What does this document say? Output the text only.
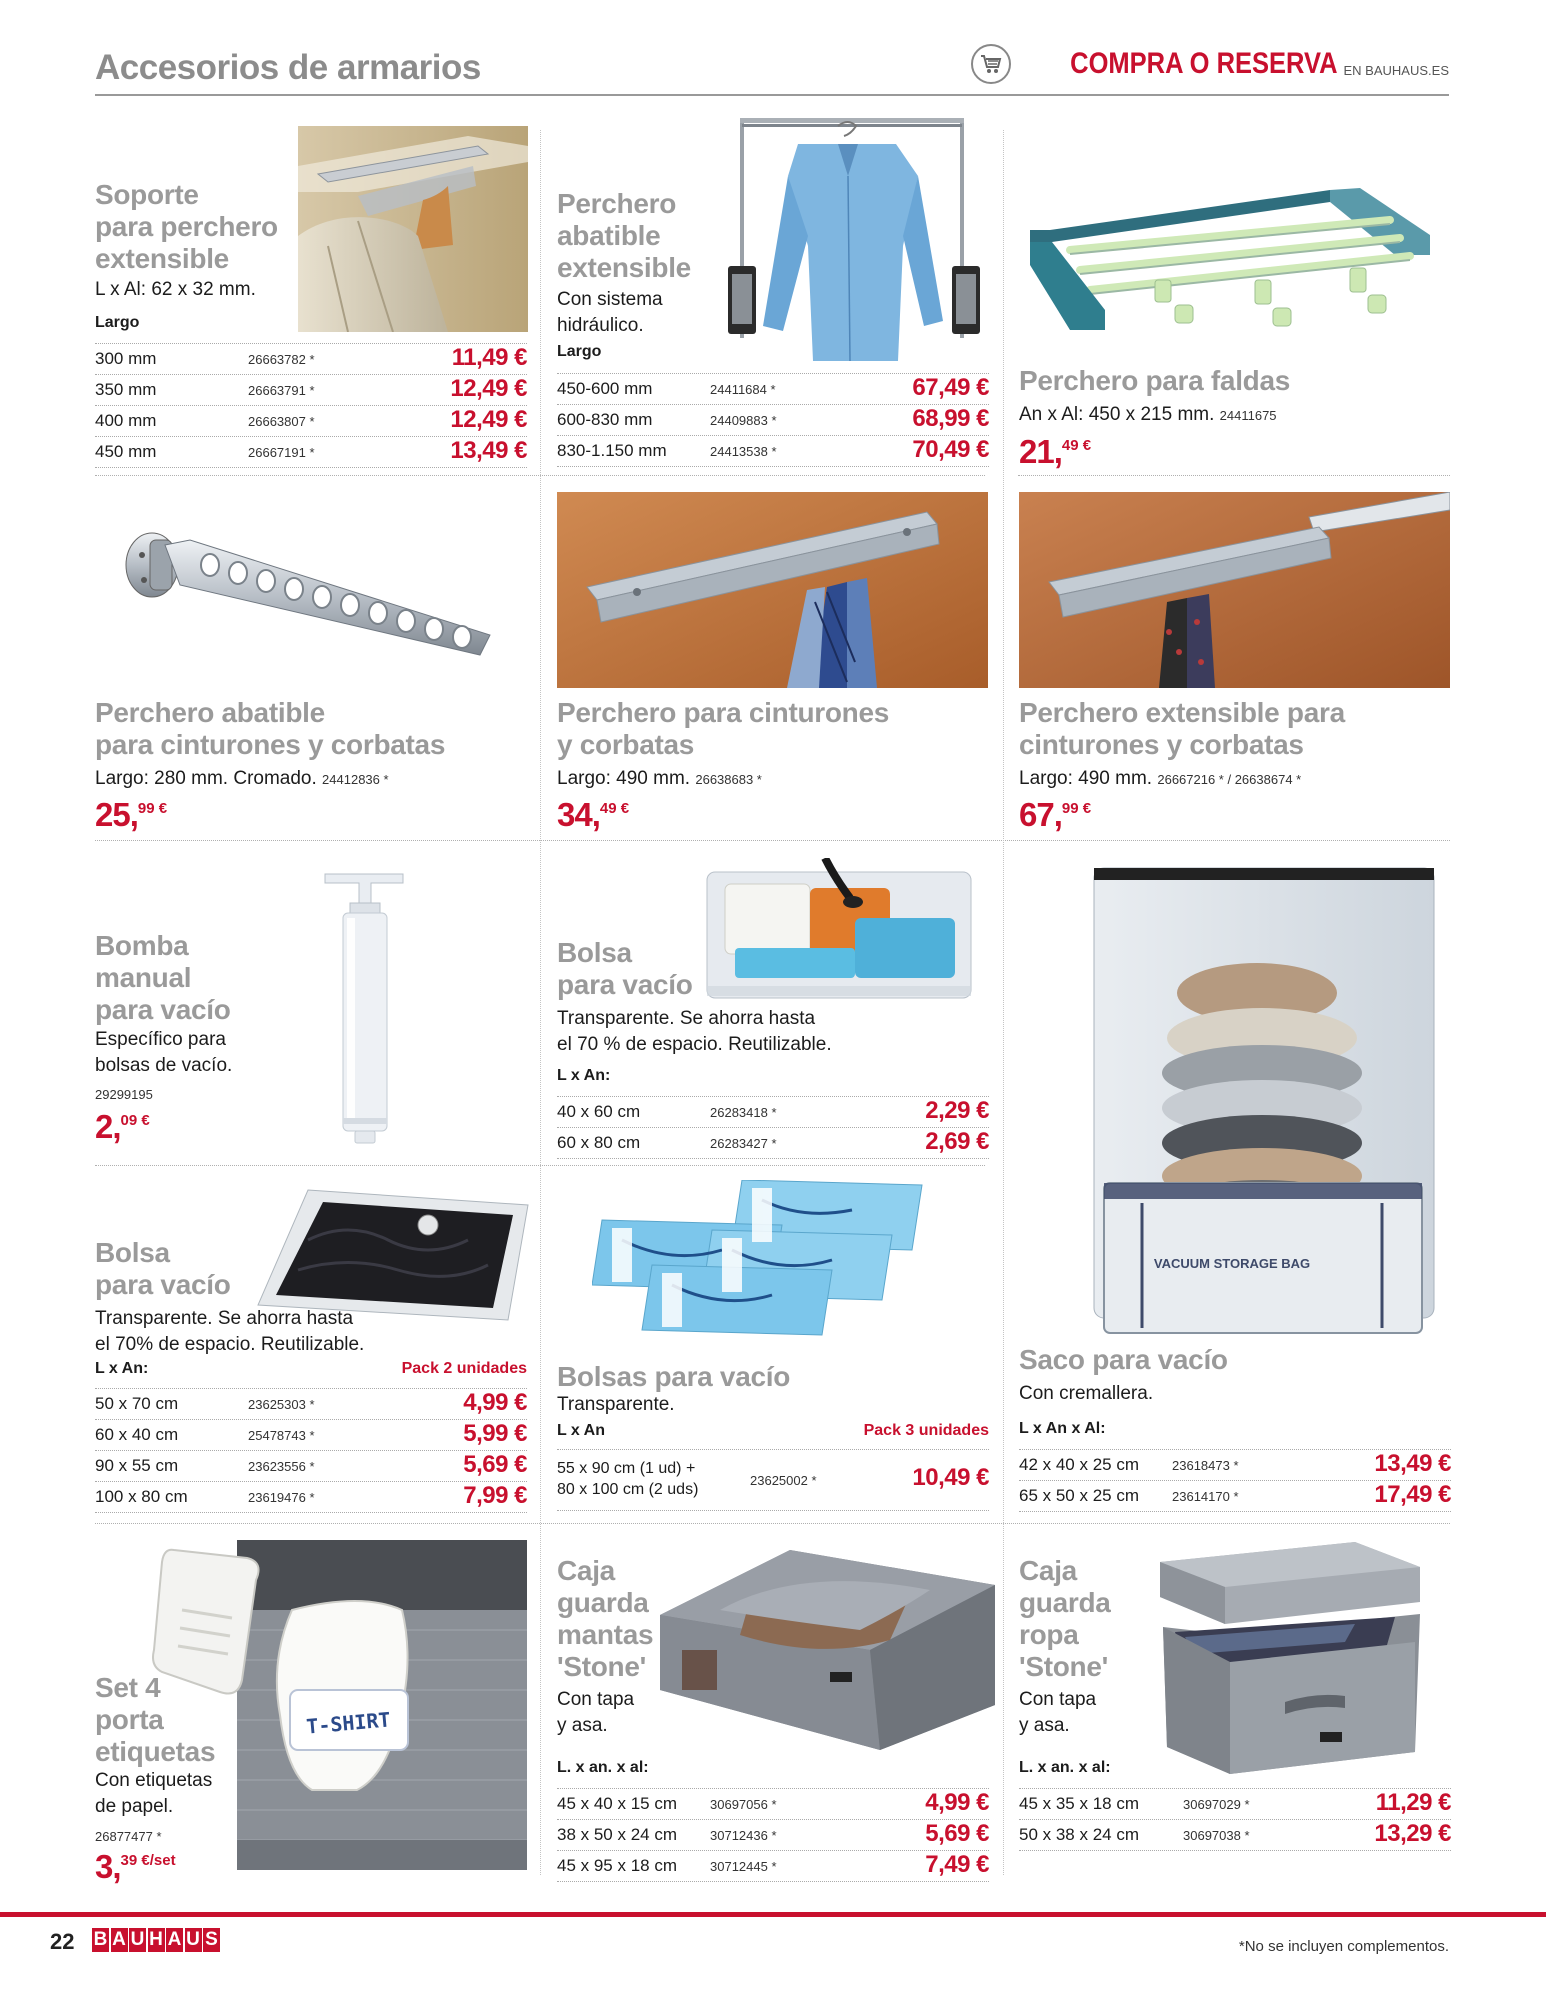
Accesorios de armarios	COMPRA O RESERVA EN BAUHAUS.ES
Soporte
para perchero
extensible
L x Al: 62 x 32 mm.
Largo
300 mm	26663782 *	11,49 €
350 mm	26663791 *	12,49 €
400 mm	26663807 *	12,49 €
450 mm	26667191 *	13,49 €
Perchero
abatible
extensible
Con sistema
hidráulico.
Largo
450-600 mm	24411684 *	67,49 €
600-830 mm	24409883 *	68,99 €
830-1.150 mm	24413538 *	70,49 €
Perchero para faldas
An x Al: 450 x 215 mm. 24411675
21, 49 €
Perchero abatible
para cinturones y corbatas
Largo: 280 mm. Cromado. 24412836 *
25, 99 €
Perchero para cinturones
y corbatas
Largo: 490 mm. 26638683 *
34, 49 €
Perchero extensible para
cinturones y corbatas
Largo: 490 mm. 26667216 * / 26638674 *
67, 99 €
Bomba
manual
para vacío
Específico para
bolsas de vacío.
29299195
2, 09 €
Bolsa
para vacío
Transparente. Se ahorra hasta
el 70 % de espacio. Reutilizable.
L x An:
40 x 60 cm	26283418 *	2,29 €
60 x 80 cm	26283427 *	2,69 €
VACUUM STORAGE BAG
Saco para vacío
Con cremallera.
L x An x Al:
42 x 40 x 25 cm	23618473 *	13,49 €
65 x 50 x 25 cm	23614170 *	17,49 €
Bolsa
para vacío
Transparente. Se ahorra hasta
el 70% de espacio. Reutilizable.
L x An:	Pack 2 unidades
50 x 70 cm	23625303 *	4,99 €
60 x 40 cm	25478743 *	5,99 €
90 x 55 cm	23623556 *	5,69 €
100 x 80 cm	23619476 *	7,99 €
Bolsas para vacío
Transparente.
L x An	Pack 3 unidades
55 x 90 cm (1 ud) +
80 x 100 cm (2 uds)
23625002 *	10,49 €
T-SHIRT
Set 4
porta
etiquetas
Con etiquetas
de papel.
26877477 *
3, 39 €/set
Caja
guarda
mantas
'Stone'
Con tapa
y asa.
L. x an. x al:
45 x 40 x 15 cm	30697056 *	4,99 €
38 x 50 x 24 cm	30712436 *	5,69 €
45 x 95 x 18 cm	30712445 *	7,49 €
Caja
guarda
ropa
'Stone'
Con tapa
y asa.
L. x an. x al:
45 x 35 x 18 cm	30697029 *	11,29 €
50 x 38 x 24 cm	30697038 *	13,29 €
22 B A U H A U S	*No se incluyen complementos.
